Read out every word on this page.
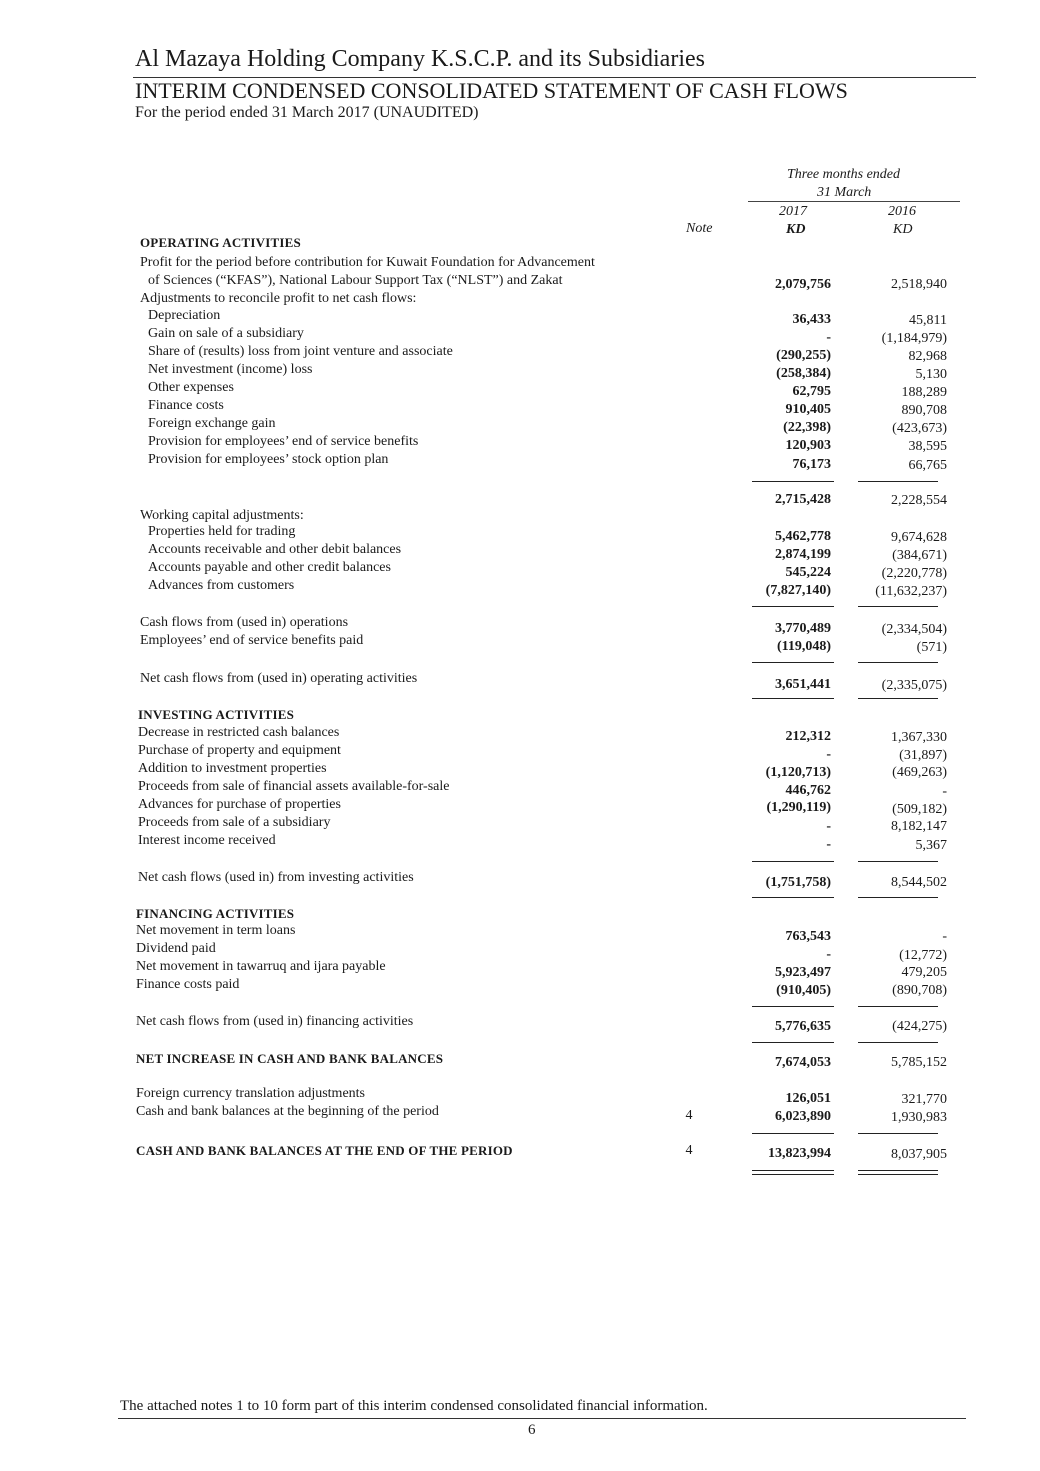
Al Mazaya Holding Company K.S.C.P. and its Subsidiaries
INTERIM CONDENSED CONSOLIDATED STATEMENT OF CASH FLOWS
For the period ended 31 March 2017 (UNAUDITED)
Three months ended
31 March
Note
2017	2016
KD	KD
OPERATING ACTIVITIES
Profit for the period before contribution for Kuwait Foundation for Advancement
of Sciences (“KFAS”), National Labour Support Tax (“NLST”) and Zakat	2,079,756	2,518,940
Adjustments to reconcile profit to net cash flows:
Depreciation	36,433	45,811
Gain on sale of a subsidiary	-	(1,184,979)
Share of (results) loss from joint venture and associate	(290,255)	82,968
Net investment (income) loss	(258,384)	5,130
Other expenses	62,795	188,289
Finance costs	910,405	890,708
Foreign exchange gain	(22,398)	(423,673)
Provision for employees’ end of service benefits	120,903	38,595
Provision for employees’ stock option plan	76,173	66,765
2,715,428	2,228,554
Working capital adjustments:
Properties held for trading	5,462,778	9,674,628
Accounts receivable and other debit balances	2,874,199	(384,671)
Accounts payable and other credit balances	545,224	(2,220,778)
Advances from customers	(7,827,140)	(11,632,237)
Cash flows from (used in) operations	3,770,489	(2,334,504)
Employees’ end of service benefits paid	(119,048)	(571)
Net cash flows from (used in) operating activities	3,651,441	(2,335,075)
INVESTING ACTIVITIES
Decrease in restricted cash balances	212,312	1,367,330
Purchase of property and equipment	-	(31,897)
Addition to investment properties	(1,120,713)	(469,263)
Proceeds from sale of financial assets available-for-sale	446,762	-
Advances for purchase of properties	(1,290,119)	(509,182)
Proceeds from sale of a subsidiary	-	8,182,147
Interest income received	-	5,367
Net cash flows (used in) from investing activities	(1,751,758)	8,544,502
FINANCING ACTIVITIES
Net movement in term loans	763,543	-
Dividend paid	-	(12,772)
Net movement in tawarruq and ijara payable	5,923,497	479,205
Finance costs paid	(910,405)	(890,708)
Net cash flows from (used in) financing activities	5,776,635	(424,275)
NET INCREASE IN CASH AND BANK BALANCES	7,674,053	5,785,152
Foreign currency translation adjustments	126,051	321,770
Cash and bank balances at the beginning of the period	4	6,023,890	1,930,983
CASH AND BANK BALANCES AT THE END OF THE PERIOD	4	13,823,994	8,037,905
The attached notes 1 to 10 form part of this interim condensed consolidated financial information.
6
